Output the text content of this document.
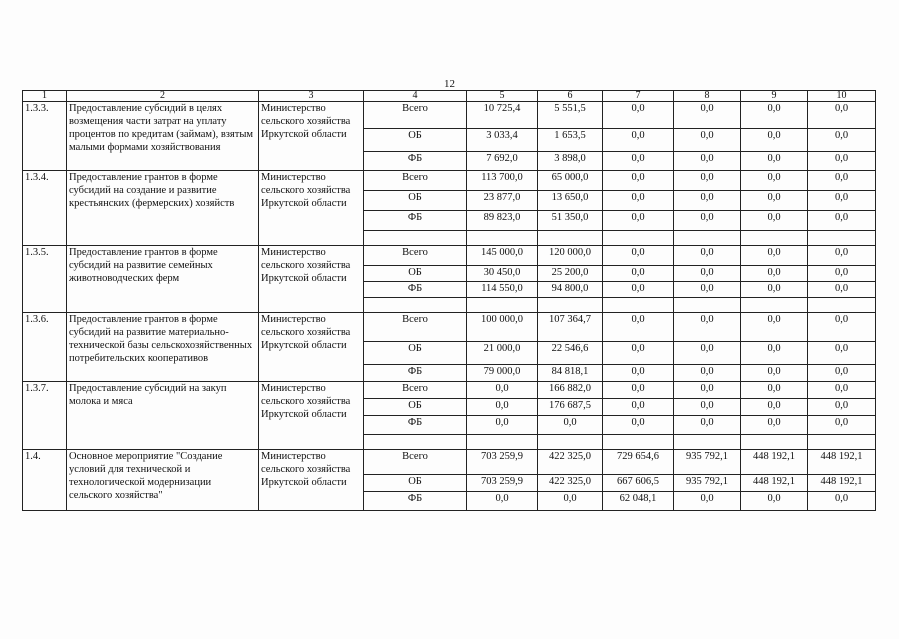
12
1	2	3	4	5	6	7	8	9	10
1.3.3.	Предоставление субсидий в целях возмещения части затрат на уплату процентов по кредитам (займам), взятым малыми формами хозяйствования	Министерство сельского хозяйства Иркутской области	Всего	10 725,4	5 551,5	0,0	0,0	0,0	0,0
			ОБ	3 033,4	1 653,5	0,0	0,0	0,0	0,0
			ФБ	7 692,0	3 898,0	0,0	0,0	0,0	0,0
1.3.4.	Предоставление грантов в форме субсидий на создание и развитие крестьянских (фермерских) хозяйств	Министерство сельского хозяйства Иркутской области	Всего	113 700,0	65 000,0	0,0	0,0	0,0	0,0
			ОБ	23 877,0	13 650,0	0,0	0,0	0,0	0,0
			ФБ	89 823,0	51 350,0	0,0	0,0	0,0	0,0

1.3.5.	Предоставление грантов в форме субсидий на развитие семейных животноводческих ферм	Министерство сельского хозяйства Иркутской области	Всего	145 000,0	120 000,0	0,0	0,0	0,0	0,0
			ОБ	30 450,0	25 200,0	0,0	0,0	0,0	0,0
			ФБ	114 550,0	94 800,0	0,0	0,0	0,0	0,0

1.3.6.	Предоставление грантов в форме субсидий на развитие материально-технической базы сельскохозяйственных потребительских кооперативов	Министерство сельского хозяйства Иркутской области	Всего	100 000,0	107 364,7	0,0	0,0	0,0	0,0
			ОБ	21 000,0	22 546,6	0,0	0,0	0,0	0,0
			ФБ	79 000,0	84 818,1	0,0	0,0	0,0	0,0
1.3.7.	Предоставление субсидий на закуп молока и мяса	Министерство сельского хозяйства Иркутской области	Всего	0,0	166 882,0	0,0	0,0	0,0	0,0
			ОБ	0,0	176 687,5	0,0	0,0	0,0	0,0
			ФБ	0,0	0,0	0,0	0,0	0,0	0,0

1.4.	Основное мероприятие "Создание условий для технической и технологической модернизации сельского хозяйства"	Министерство сельского хозяйства Иркутской области	Всего	703 259,9	422 325,0	729 654,6	935 792,1	448 192,1	448 192,1
			ОБ	703 259,9	422 325,0	667 606,5	935 792,1	448 192,1	448 192,1
			ФБ	0,0	0,0	62 048,1	0,0	0,0	0,0
